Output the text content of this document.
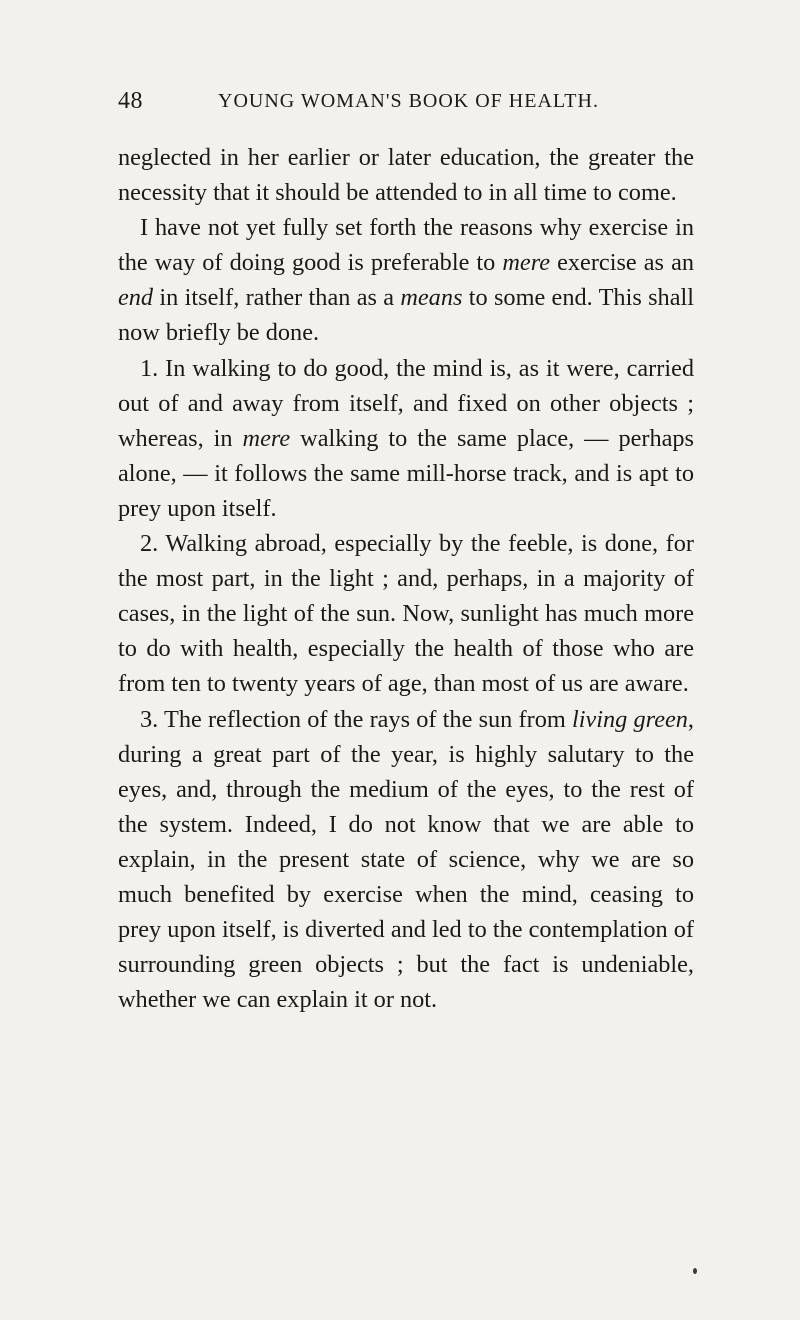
48	YOUNG WOMAN'S BOOK OF HEALTH.

neglected in her earlier or later education, the greater the necessity that it should be attended to in all time to come.

I have not yet fully set forth the reasons why exercise in the way of doing good is preferable to mere exercise as an end in itself, rather than as a means to some end. This shall now briefly be done.

1. In walking to do good, the mind is, as it were, carried out of and away from itself, and fixed on other objects ; whereas, in mere walking to the same place, — perhaps alone, — it follows the same mill-horse track, and is apt to prey upon itself.

2. Walking abroad, especially by the feeble, is done, for the most part, in the light ; and, perhaps, in a majority of cases, in the light of the sun. Now, sunlight has much more to do with health, especially the health of those who are from ten to twenty years of age, than most of us are aware.

3. The reflection of the rays of the sun from living green, during a great part of the year, is highly salutary to the eyes, and, through the medium of the eyes, to the rest of the system. Indeed, I do not know that we are able to explain, in the present state of science, why we are so much benefited by exercise when the mind, ceasing to prey upon itself, is diverted and led to the contemplation of surrounding green objects ; but the fact is undeniable, whether we can explain it or not.
